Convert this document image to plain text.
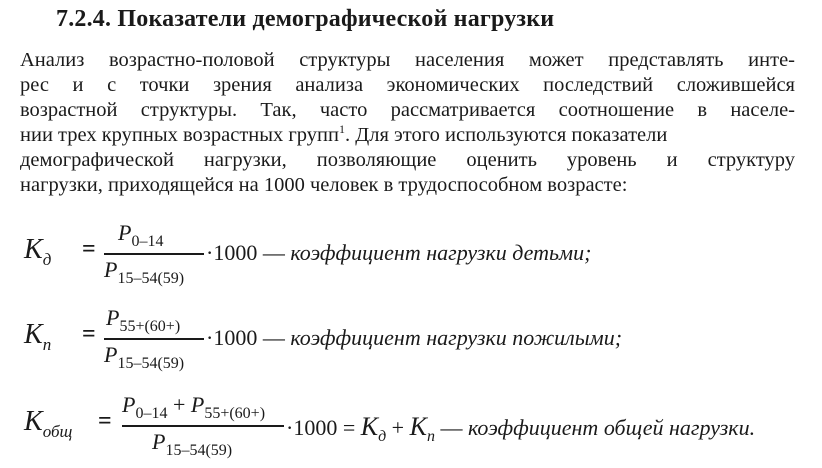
7.2.4. Показатели демографической нагрузки
Анализ возрастно-половой структуры населения может представлять инте-
рес и с точки зрения анализа экономических последствий сложившейся
возрастной структуры. Так, часто рассматривается соотношение в населе-
нии трех крупных возрастных групп$^1$. Для этого используются показатели
демографической нагрузки, позволяющие оценить уровень и структуру
нагрузки, приходящейся на 1000 человек в трудоспособном возрасте:
$K_д$ =
$P_{0-14}$
$P_{15-54(59)}$
·1000 — коэффициент нагрузки детьми;
$K_п$ =
$P_{55+(60+)}$
$P_{15-54(59)}$
·1000 — коэффициент нагрузки пожилыми;
$K_{общ}$ =
$P_{0-14} + P_{55+(60+)}$
$P_{15-54(59)}$
$\cdot 1000 = K_д + K_п$ — коэффициент общей нагрузки.
